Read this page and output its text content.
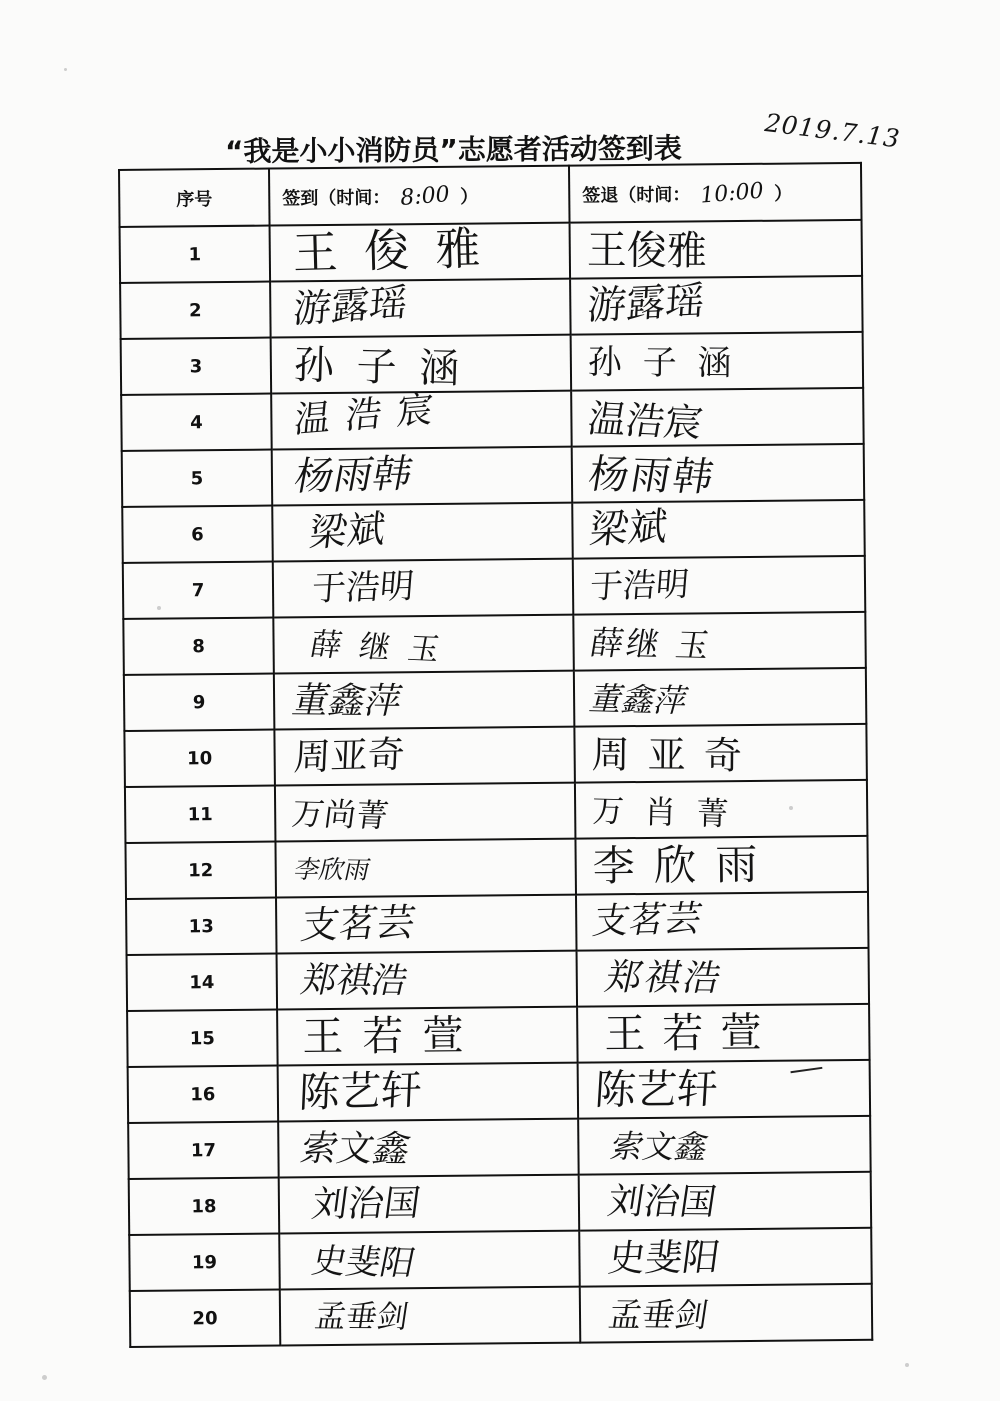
2019.7.13
“我是小小消防员”志愿者活动签到表
序号	签到（时间： 8:00 ）	签退（时间： 10:00 ）
1	王 俊 雅	王俊雅

2	游露瑶	游露瑶

3	孙 子 涵	孙 子 涵

4	温 浩 宸	温浩宸

5	杨雨韩	杨雨韩

6	梁斌	梁斌

7	于浩明	于浩明

8	薛 继 玉	薛继 玉

9	董鑫萍	董鑫萍

10	周亚奇	周 亚 奇

11	万尚菁	万 肖 菁

12	李欣雨	李 欣 雨

13	支茗芸	支茗芸

14	郑祺浩	郑祺浩

15	王 若 萱	王 若 萱

16	陈艺轩	陈艺轩

17	索文鑫	索文鑫

18	刘治国	刘治国

19	史斐阳	史斐阳

20	孟垂剑	孟垂剑
